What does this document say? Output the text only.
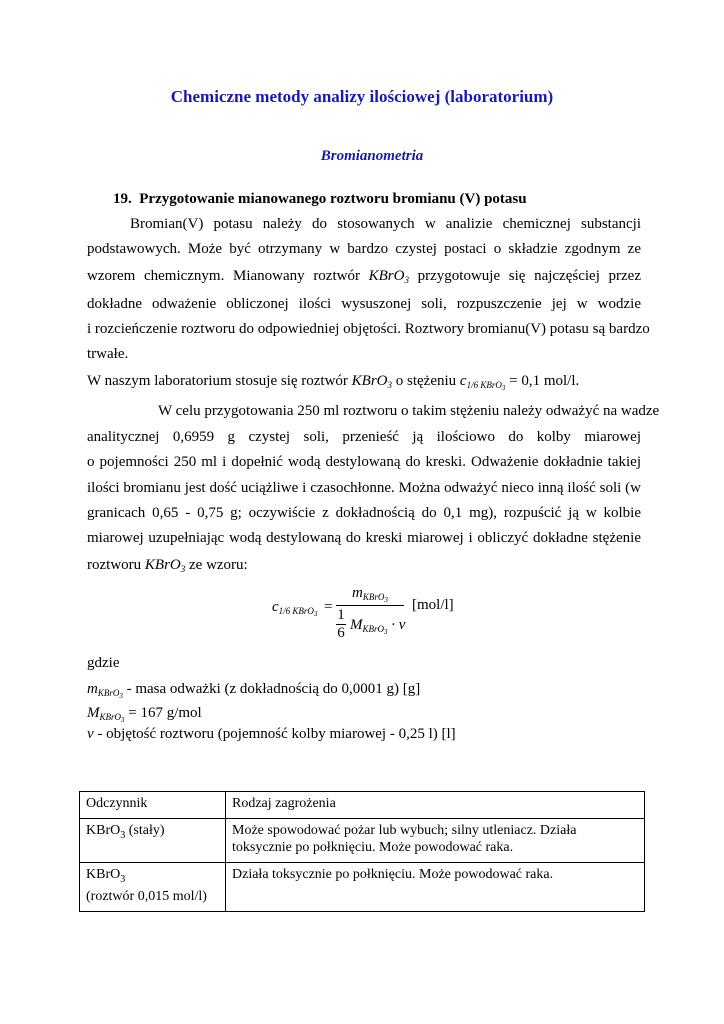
Chemiczne metody analizy ilościowej (laboratorium)
Bromianometria
19. Przygotowanie mianowanego roztworu bromianu (V) potasu
Bromian(V) potasu należy do stosowanych w analizie chemicznej substancji
podstawowych. Może być otrzymany w bardzo czystej postaci o składzie zgodnym ze
wzorem chemicznym. Mianowany roztwór KBrO$_3$ przygotowuje się najczęściej przez
dokładne odważenie obliczonej ilości wysuszonej soli, rozpuszczenie jej w wodzie
i rozcieńczenie roztworu do odpowiedniej objętości. Roztwory bromianu(V) potasu są bardzo
trwałe.
W naszym laboratorium stosuje się roztwór KBrO$_3$ o stężeniu $c_{1/6 KBrO_3} = 0,1$ mol/l.
W celu przygotowania 250 ml roztworu o takim stężeniu należy odważyć na wadze
analitycznej 0,6959 g czystej soli, przenieść ją ilościowo do kolby miarowej
o pojemności 250 ml i dopełnić wodą destylowaną do kreski. Odważenie dokładnie takiej
ilości bromianu jest dość uciążliwe i czasochłonne. Można odważyć nieco inną ilość soli (w
granicach 0,65 - 0,75 g; oczywiście z dokładnością do 0,1 mg), rozpuścić ją w kolbie
miarowej uzupełniając wodą destylowaną do kreski miarowej i obliczyć dokładne stężenie
roztworu KBrO$_3$ ze wzoru:
$c_{1/6 KBrO_3}$ =
$m_{KBrO_3}$
1
6 $M_{KBrO_3} \cdot v$
[mol/l]
gdzie
$m_{KBrO_3}$ - masa odważki (z dokładnością do 0,0001 g) [g]
$M_{KBrO_3} = 167$ g/mol
v - objętość roztworu (pojemność kolby miarowej - 0,25 l) [l]
Odczynnik	Rodzaj zagrożenia
KBrO$_3$ (stały)	Może spowodować pożar lub wybuch; silny utleniacz. Działa
toksycznie po połknięciu. Może powodować raka.

KBrO$_3$
(roztwór 0,015 mol/l)	Działa toksycznie po połknięciu. Może powodować raka.
